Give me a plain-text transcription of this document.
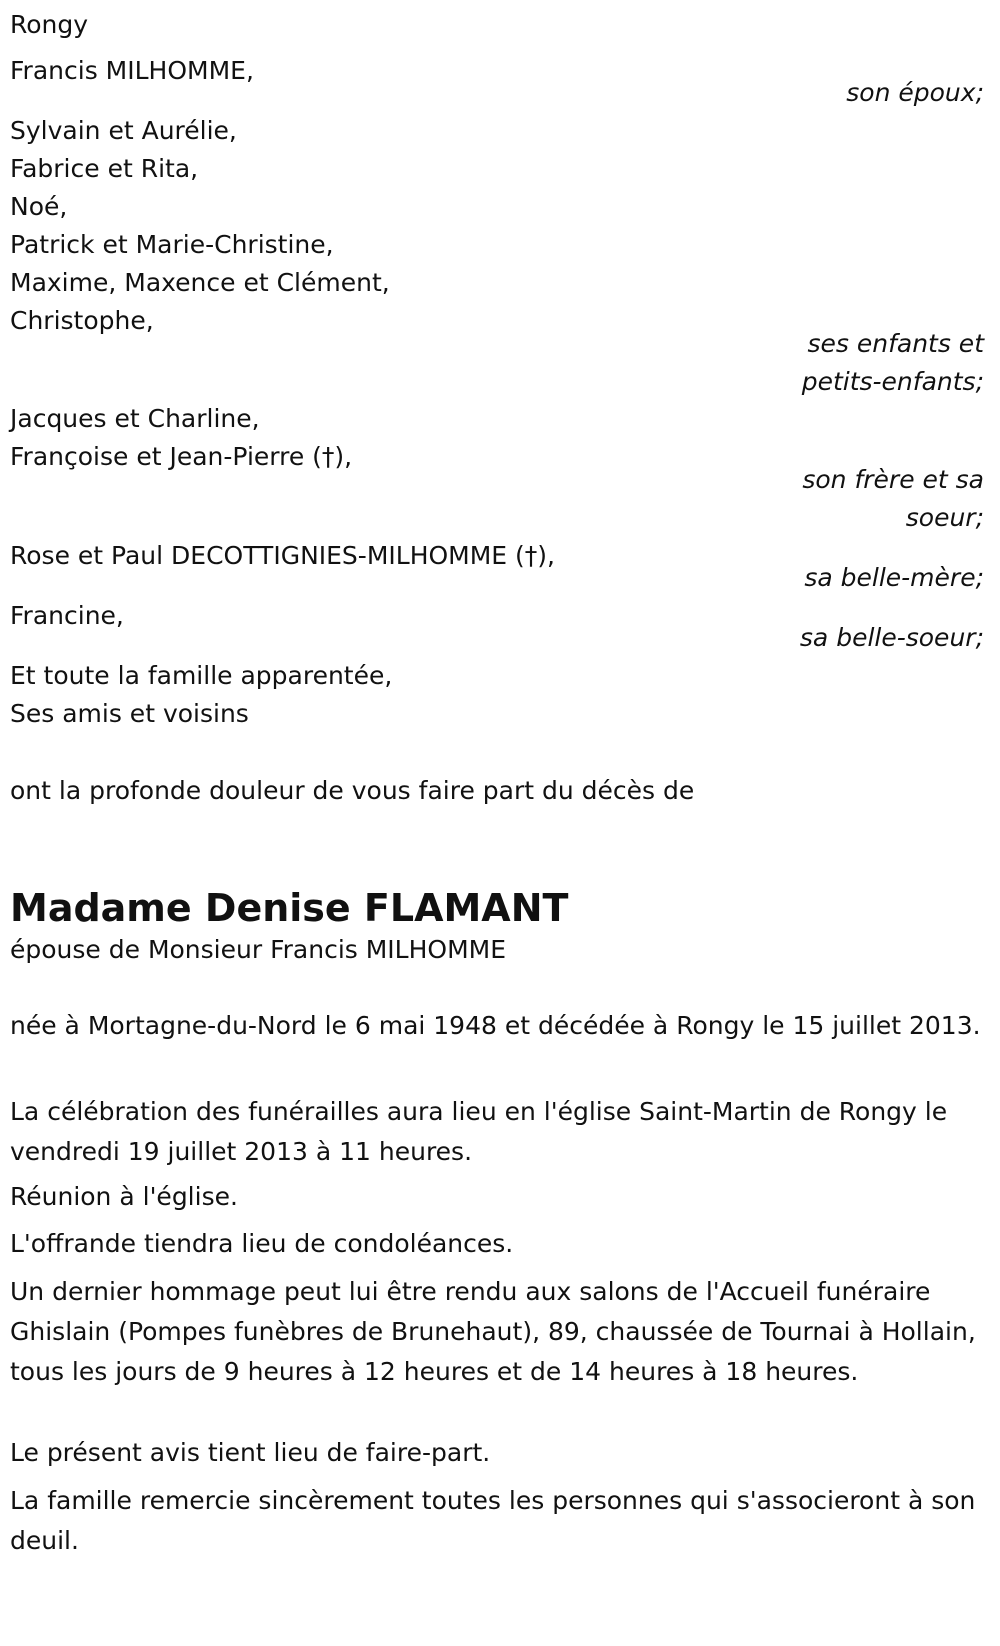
Rongy
Francis MILHOMME,
son époux;
Sylvain et Aurélie,
Fabrice et Rita,
Noé,
Patrick et Marie-Christine,
Maxime, Maxence et Clément,
Christophe,
ses enfants et
petits-enfants;
Jacques et Charline,
Françoise et Jean-Pierre (†),
son frère et sa
soeur;
Rose et Paul DECOTTIGNIES-MILHOMME (†),
sa belle-mère;
Francine,
sa belle-soeur;
Et toute la famille apparentée,
Ses amis et voisins
ont la profonde douleur de vous faire part du décès de
Madame Denise FLAMANT
épouse de Monsieur Francis MILHOMME
née à Mortagne-du-Nord le 6 mai 1948 et décédée à Rongy le 15 juillet 2013.
La célébration des funérailles aura lieu en l'église Saint-Martin de Rongy le vendredi 19 juillet 2013 à 11 heures.
Réunion à l'église.
L'offrande tiendra lieu de condoléances.
Un dernier hommage peut lui être rendu aux salons de l'Accueil funéraire Ghislain (Pompes funèbres de Brunehaut), 89, chaussée de Tournai à Hollain, tous les jours de 9 heures à 12 heures et de 14 heures à 18 heures.
Le présent avis tient lieu de faire-part.
La famille remercie sincèrement toutes les personnes qui s'associeront à son deuil.
